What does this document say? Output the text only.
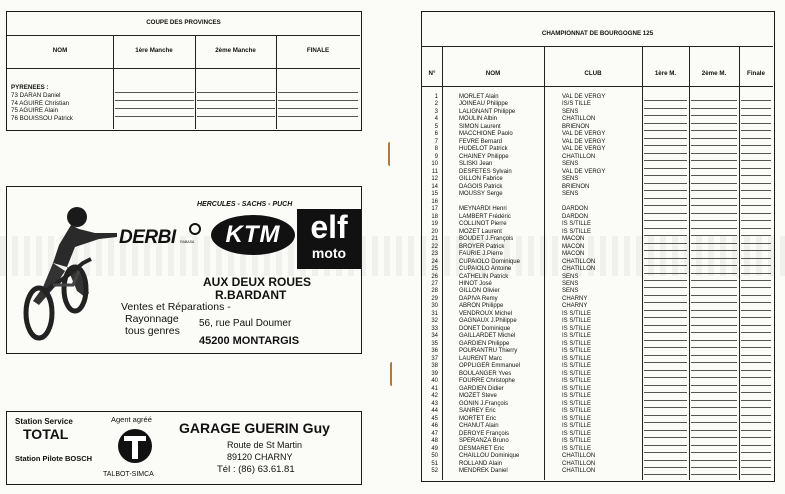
COUPE DES PROVINCES
NOM	1ère Manche	2ème Manche	FINALE
PYRENEES :
73 DARAN Daniel
74 AGUIRE Christian
75 AGUIRE Alain
76 BOUISSOU Patrick
HERCULES - SACHS - PUCH
DERBI RABASA	KTM elf
moto
AUX DEUX ROUES
R.BARDANT
Ventes et Réparations -
Rayonnage
tous genres
56, rue Paul Doumer
45200 MONTARGIS
Station Service
TOTAL
Station Pilote BOSCH
Agent agréé
TALBOT-SIMCA
GARAGE GUERIN Guy
Route de St Martin
89120 CHARNY
Tél : (86) 63.61.81
CHAMPIONNAT DE BOURGOGNE 125
N°	NOM	CLUB	1ère M.	2ème M.	Finale
1	MORLET Alain	VAL DE VERGY
2	JOINEAU Philippe	IS/S TILLE
3	LALIGNANT Philippe	SENS
4	MOULIN Albin	CHATILLON
5	SIMON Laurent	BRIENON
6	MACCHIONE Paolo	VAL DE VERGY
7	FEVRE Bernard	VAL DE VERGY
8	HUDELOT Patrick	VAL DE VERGY
9	CHAINEY Philippe	CHATILLON
10	SLISKI Jean	SENS
11	DESFETES Sylvain	VAL DE VERGY
12	GILLON Fabrice	SENS
14	DAGOIS Patrick	BRIENON
15	MOUSSY Serge	SENS
16
17	MEYNARDI Henri	DARDON
18	LAMBERT Frédéric	DARDON
19	COLLINOT Pierre	IS S/TILLE
20	MOZET Laurent	IS S/TILLE
21	BOUDET J.François	MACON
22	BROYER Patrick	MACON
23	FAURIE J.Pierre	MACON
24	CUPAIOLO Dominique	CHATILLON
25	CUPAIOLO Antoine	CHATILLON
26	CATHELIN Patrick	SENS
27	HINOT José	SENS
28	GILLON Olivier	SENS
29	DAPIVA Remy	CHARNY
30	ABRON Philippe	CHARNY
31	VENDROUX Michel	IS S/TILLE
32	GAGNAUX J.Philippe	IS S/TILLE
33	DONET Dominique	IS S/TILLE
34	GAILLARDET Michel	IS S/TILLE
35	GARDIEN Philippe	IS S/TILLE
36	POURANTRU Thierry	IS S/TILLE
37	LAURENT Marc	IS S/TILLE
38	OPPLIGER Emmanuel	IS S/TILLE
39	BOULANGER Yves	IS S/TILLE
40	FOURRE Christophe	IS S/TILLE
41	GARDIEN Didier	IS S/TILLE
42	MOZET Steve	IS S/TILLE
43	GONIN J.François	IS S/TILLE
44	SANREY Eric	IS S/TILLE
45	MORTET Eric	IS S/TILLE
46	CHANUT Alain	IS S/TILLE
47	DEROYE François	IS S/TILLE
48	SPERANZA Bruno	IS S/TILLE
49	DESMARET Eric	IS S/TILLE
50	CHAILLOU Dominique	CHATILLON
51	ROLLAND Alain	CHATILLON
52	MENDREK Daniel	CHATILLON
